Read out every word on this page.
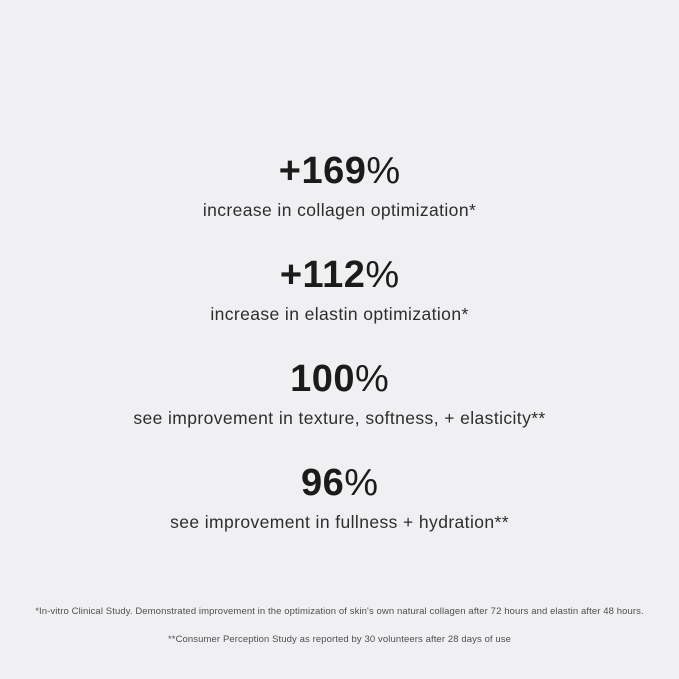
+169%
increase in collagen optimization*
+112%
increase in elastin optimization*
100%
see improvement in texture, softness, + elasticity**
96%
see improvement in fullness + hydration**

*In-vitro Clinical Study. Demonstrated improvement in the optimization of skin's own natural collagen after 72 hours and elastin after 48 hours.

**Consumer Perception Study as reported by 30 volunteers after 28 days of use
